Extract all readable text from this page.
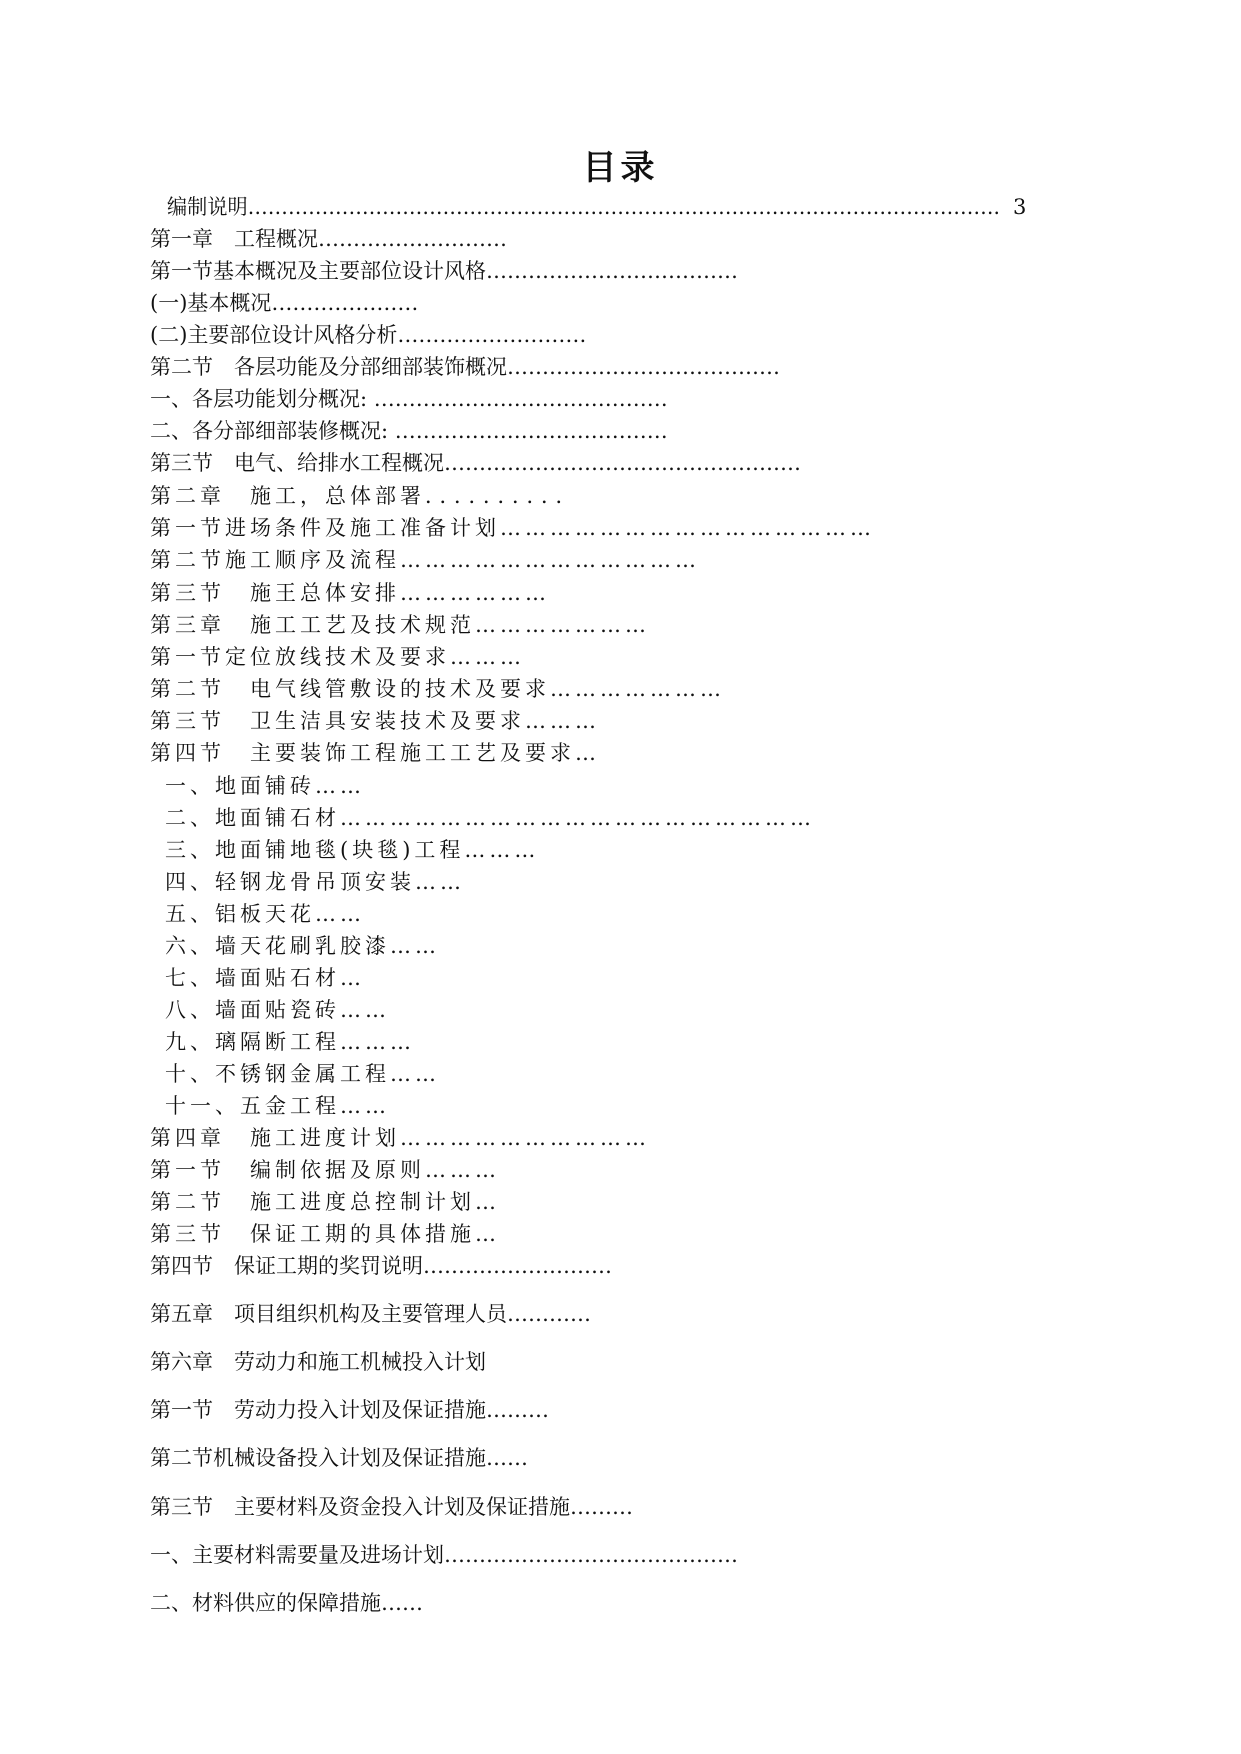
目录
编制说明…………………………………………………………………………………………………. 3
第一章　工程概况………………………
第一节基本概况及主要部位设计风格………………………………
(一)基本概况…………………
(二)主要部位设计风格分析………………………
第二节　各层功能及分部细部装饰概况…………………………………
一、各层功能划分概况: ……………………………………
二、各分部细部装修概况: …………………………………
第三节　电气、给排水工程概况……………………………………………
第二章　施工，总体部署．．．．．．．．．．
第一节进场条件及施工准备计划………………………………………
第二节施工顺序及流程………………………………
第三节　施王总体安排………………
第三章　施工工艺及技术规范…………………
第一节定位放线技术及要求………
第二节　电气线管敷设的技术及要求…………………
第三节　卫生洁具安装技术及要求………
第四节　主要装饰工程施工工艺及要求…
一、地面铺砖……
二、地面铺石材…………………………………………………
三、地面铺地毯(块毯)工程………
四、轻钢龙骨吊顶安装……
五、铝板天花……
六、墙天花刷乳胶漆……
七、墙面贴石材…
八、墙面贴瓷砖……
九、璃隔断工程………
十、不锈钢金属工程……
十一、五金工程……
第四章　施工进度计划…………………………
第一节　编制依据及原则………
第二节　施工进度总控制计划…
第三节　保证工期的具体措施…
第四节　保证工期的奖罚说明………………………
第五章　项目组织机构及主要管理人员…………
第六章　劳动力和施工机械投入计划
第一节　劳动力投入计划及保证措施………
第二节机械设备投入计划及保证措施……
第三节　主要材料及资金投入计划及保证措施………
一、主要材料需要量及进场计划……………………………………
二、材料供应的保障措施……
